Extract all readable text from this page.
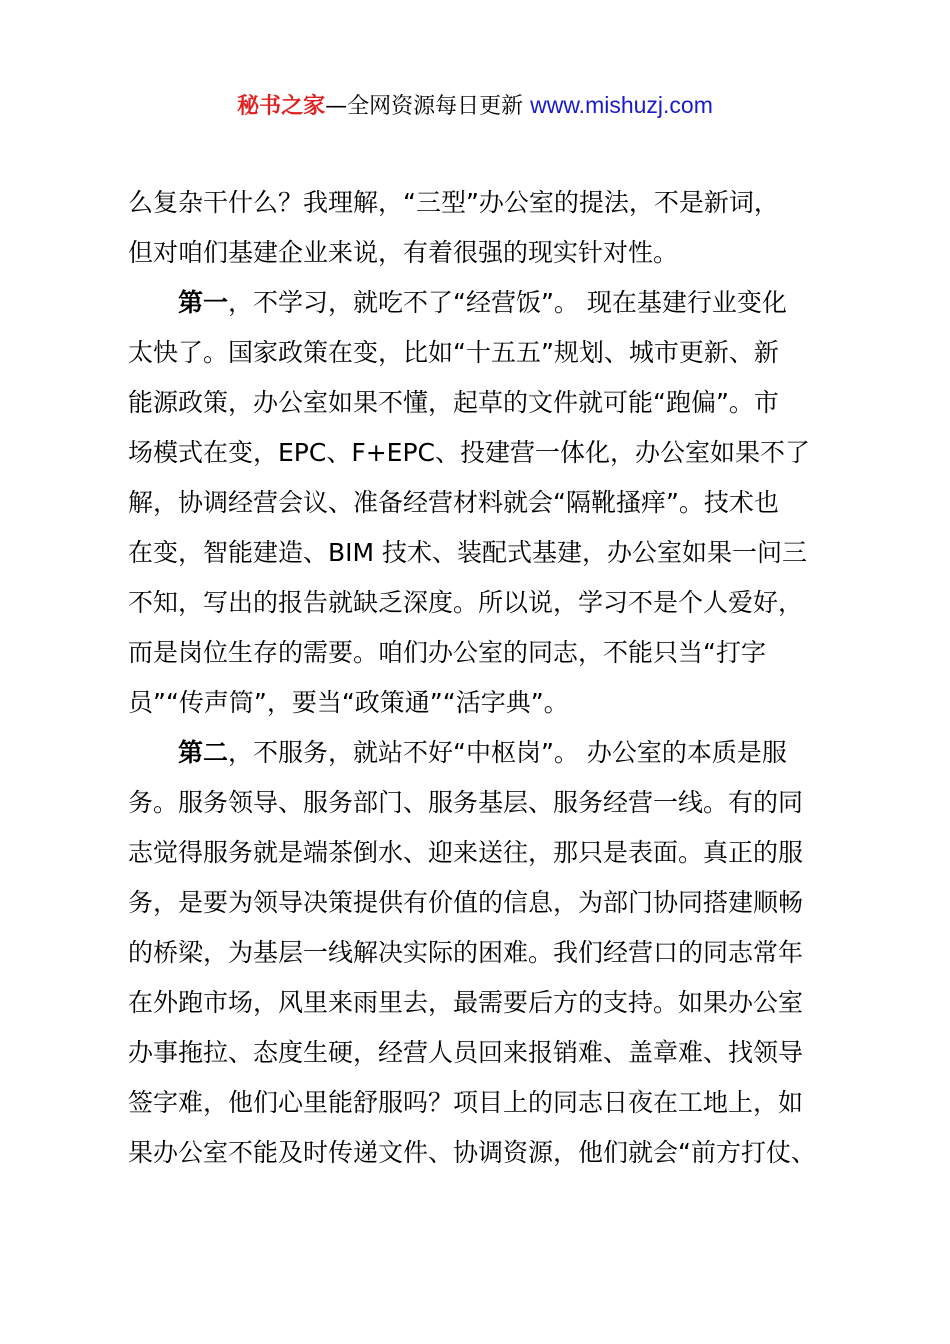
秘书之家—全网资源每日更新 www.mishuzj.com
么复杂干什么？我理解，“三型”办公室的提法，不是新词，
但对咱们基建企业来说，有着很强的现实针对性。
第一，不学习，就吃不了“经营饭”。 现在基建行业变化
太快了。国家政策在变，比如“十五五”规划、城市更新、新
能源政策，办公室如果不懂，起草的文件就可能“跑偏”。市
场模式在变，EPC、F+EPC、投建营一体化，办公室如果不了
解，协调经营会议、准备经营材料就会“隔靴搔痒”。技术也
在变，智能建造、BIM 技术、装配式基建，办公室如果一问三
不知，写出的报告就缺乏深度。所以说，学习不是个人爱好，
而是岗位生存的需要。咱们办公室的同志，不能只当“打字
员”“传声筒”，要当“政策通”“活字典”。
第二，不服务，就站不好“中枢岗”。 办公室的本质是服
务。服务领导、服务部门、服务基层、服务经营一线。有的同
志觉得服务就是端茶倒水、迎来送往，那只是表面。真正的服
务，是要为领导决策提供有价值的信息，为部门协同搭建顺畅
的桥梁，为基层一线解决实际的困难。我们经营口的同志常年
在外跑市场，风里来雨里去，最需要后方的支持。如果办公室
办事拖拉、态度生硬，经营人员回来报销难、盖章难、找领导
签字难，他们心里能舒服吗？项目上的同志日夜在工地上，如
果办公室不能及时传递文件、协调资源，他们就会“前方打仗、
